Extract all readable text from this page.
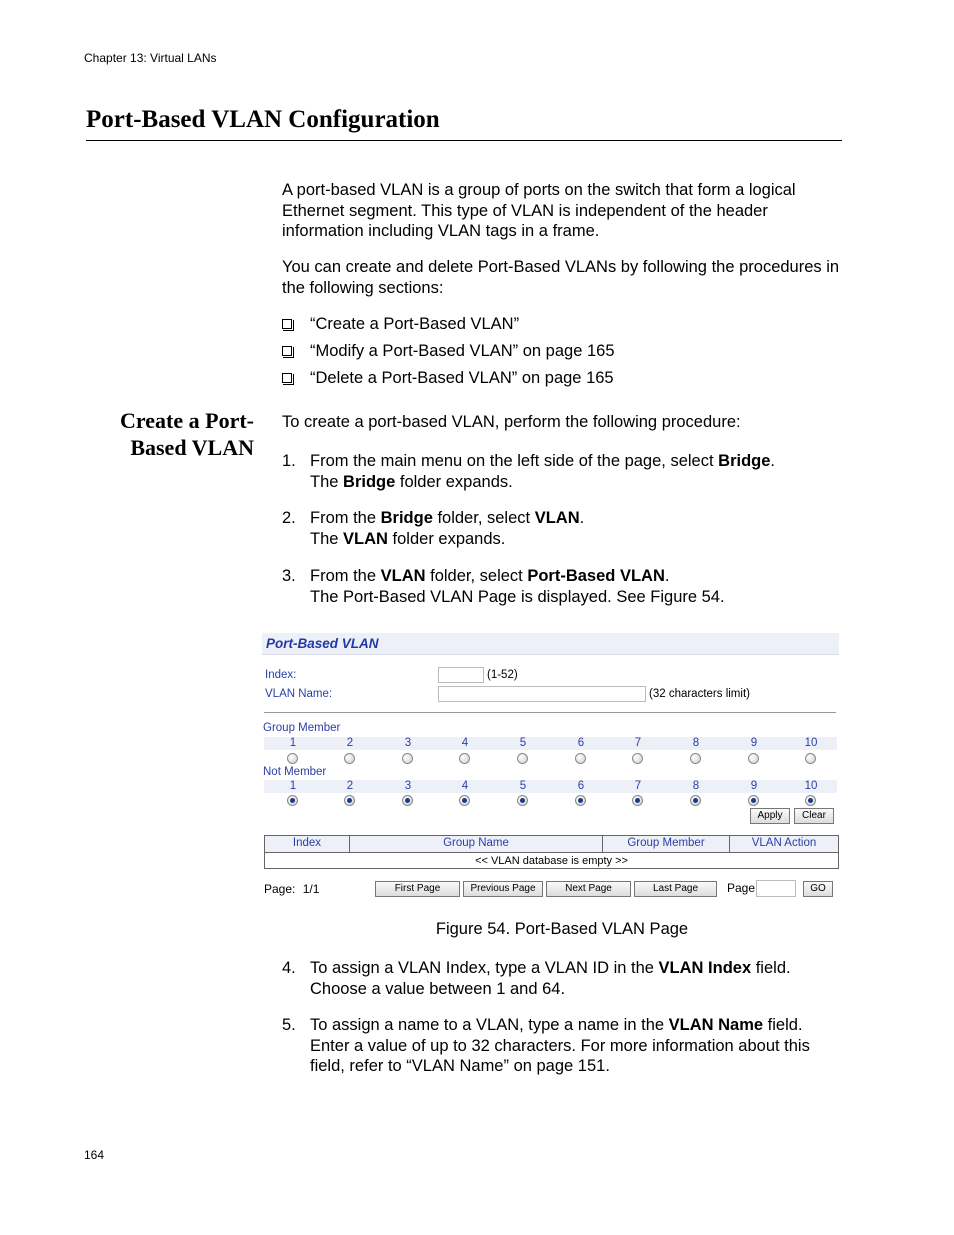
Chapter 13: Virtual LANs
Port-Based VLAN Configuration
A port-based VLAN is a group of ports on the switch that form a logical Ethernet segment. This type of VLAN is independent of the header information including VLAN tags in a frame.
You can create and delete Port-Based VLANs by following the procedures in the following sections:
“Create a Port-Based VLAN”
“Modify a Port-Based VLAN” on page 165
“Delete a Port-Based VLAN” on page 165
Create a Port-
Based VLAN
To create a port-based VLAN, perform the following procedure:
1. From the main menu on the left side of the page, select Bridge.
The Bridge folder expands.
2. From the Bridge folder, select VLAN.
The VLAN folder expands.
3. From the VLAN folder, select Port-Based VLAN.
The Port-Based VLAN Page is displayed. See Figure 54.
Port-Based VLAN
Index:	(1-52)
VLAN Name:	(32 characters limit)
Group Member
1	2	3	4	5	6	7	8	9	10
Not Member
1	2	3	4	5	6	7	8	9	10
Apply	Clear
Index	Group Name	Group Member	VLAN Action
<< VLAN database is empty >>
Page: 1/1	First Page	Previous Page	Next Page	Last Page	Page	GO
Figure 54. Port-Based VLAN Page
4. To assign a VLAN Index, type a VLAN ID in the VLAN Index field. Choose a value between 1 and 64.
5. To assign a name to a VLAN, type a name in the VLAN Name field. Enter a value of up to 32 characters. For more information about this field, refer to “VLAN Name” on page 151.
164
